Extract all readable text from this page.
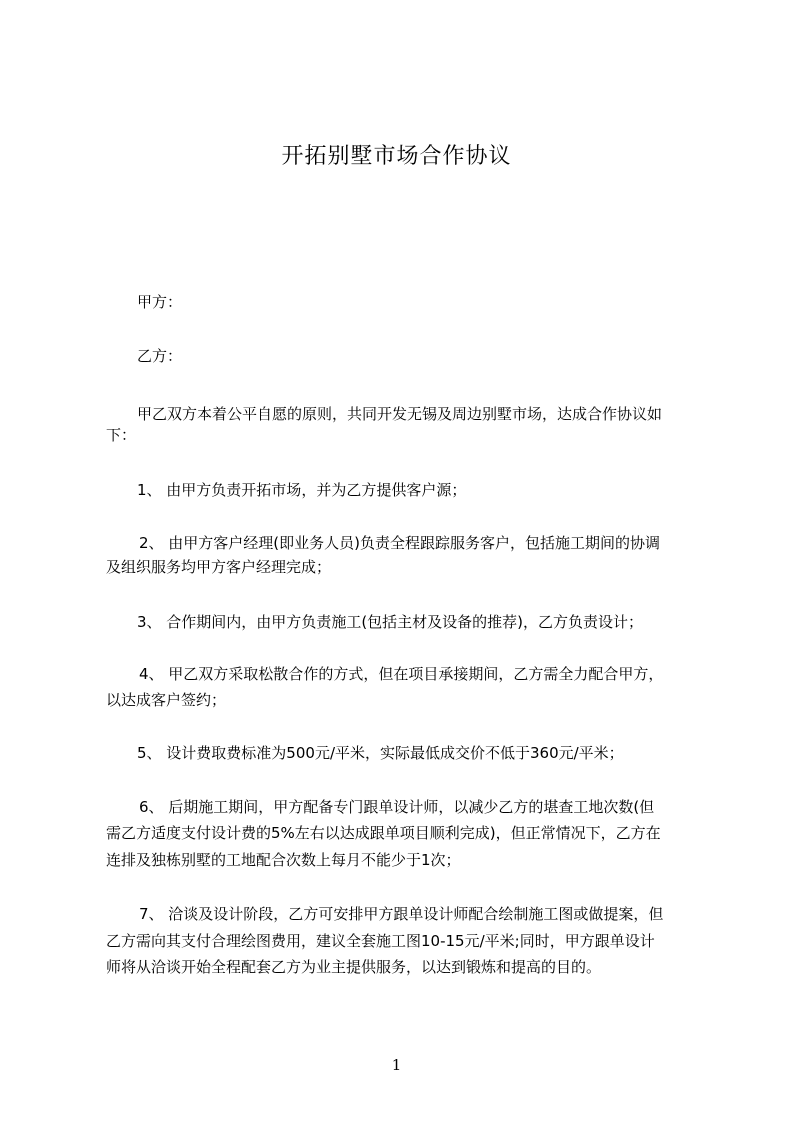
开拓别墅市场合作协议
甲方：
乙方：
甲乙双方本着公平自愿的原则，共同开发无锡及周边别墅市场，达成合作协议如
下：
1、 由甲方负责开拓市场，并为乙方提供客户源；
2、 由甲方客户经理(即业务人员)负责全程跟踪服务客户，包括施工期间的协调
及组织服务均甲方客户经理完成；
3、 合作期间内，由甲方负责施工(包括主材及设备的推荐)，乙方负责设计；
4、 甲乙双方采取松散合作的方式，但在项目承接期间，乙方需全力配合甲方，
以达成客户签约；
5、 设计费取费标准为500元/平米，实际最低成交价不低于360元/平米；
6、 后期施工期间，甲方配备专门跟单设计师，以减少乙方的堪查工地次数(但
需乙方适度支付设计费的5%左右以达成跟单项目顺利完成)，但正常情况下，乙方在
连排及独栋别墅的工地配合次数上每月不能少于1次；
7、 洽谈及设计阶段，乙方可安排甲方跟单设计师配合绘制施工图或做提案，但
乙方需向其支付合理绘图费用，建议全套施工图10-15元/平米;同时，甲方跟单设计
师将从洽谈开始全程配套乙方为业主提供服务，以达到锻炼和提高的目的。
1
